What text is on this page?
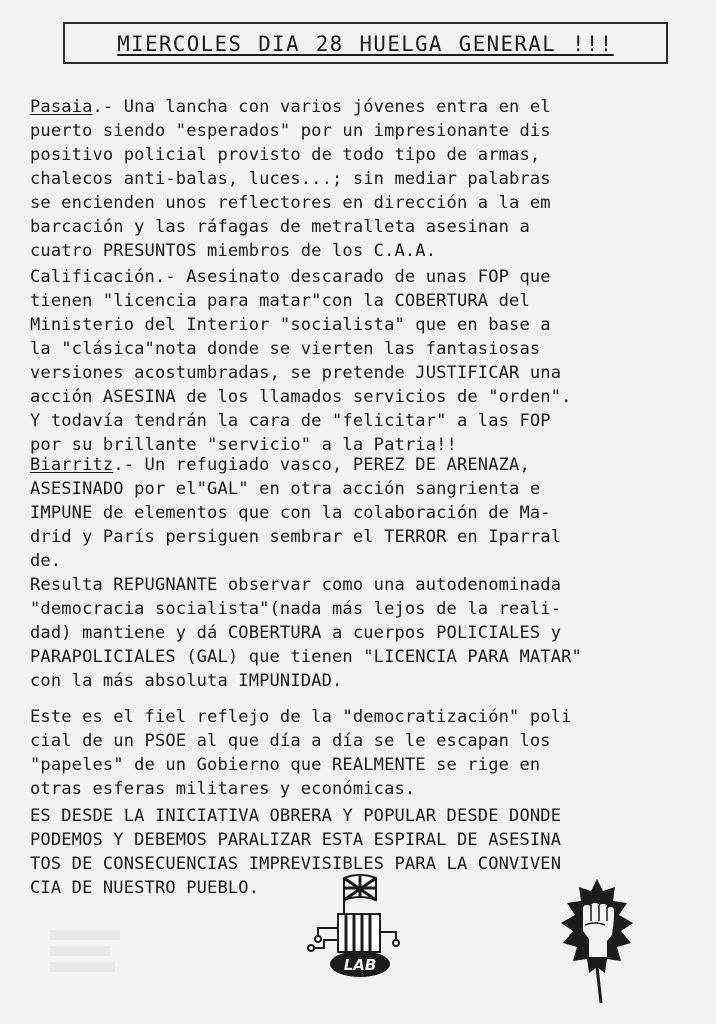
MIERCOLES DIA 28 HUELGA GENERAL !!!
Pasaia.- Una lancha con varios jóvenes entra en el
puerto siendo "esperados" por un impresionante dis
positivo policial provisto de todo tipo de armas,
chalecos anti-balas, luces...; sin mediar palabras
se encienden unos reflectores en dirección a la em
barcación y las ráfagas de metralleta asesinan a
cuatro PRESUNTOS miembros de los C.A.A.
Calificación.- Asesinato descarado de unas FOP que
tienen "licencia para matar"con la COBERTURA del
Ministerio del Interior "socialista" que en base a
la "clásica"nota donde se vierten las fantasiosas
versiones acostumbradas, se pretende JUSTIFICAR una
acción ASESINA de los llamados servicios de "orden".
Y todavía tendrán la cara de "felicitar" a las FOP
por su brillante "servicio" a la Patria!!
Biarritz.- Un refugiado vasco, PEREZ DE ARENAZA,
ASESINADO por el"GAL" en otra acción sangrienta e
IMPUNE de elementos que con la colaboración de Ma-
drid y París persiguen sembrar el TERROR en Iparral
de.
Resulta REPUGNANTE observar como una autodenominada
"democracia socialista"(nada más lejos de la reali-
dad) mantiene y dá COBERTURA a cuerpos POLICIALES y
PARAPOLICIALES (GAL) que tienen "LICENCIA PARA MATAR"
con la más absoluta IMPUNIDAD.
Este es el fiel reflejo de la "democratización" poli
cial de un PSOE al que día a día se le escapan los
"papeles" de un Gobierno que REALMENTE se rige en
otras esferas militares y económicas.
ES DESDE LA INICIATIVA OBRERA Y POPULAR DESDE DONDE
PODEMOS Y DEBEMOS PARALIZAR ESTA ESPIRAL DE ASESINA
TOS DE CONSECUENCIAS IMPREVISIBLES PARA LA CONVIVEN
CIA DE NUESTRO PUEBLO.
LAB
